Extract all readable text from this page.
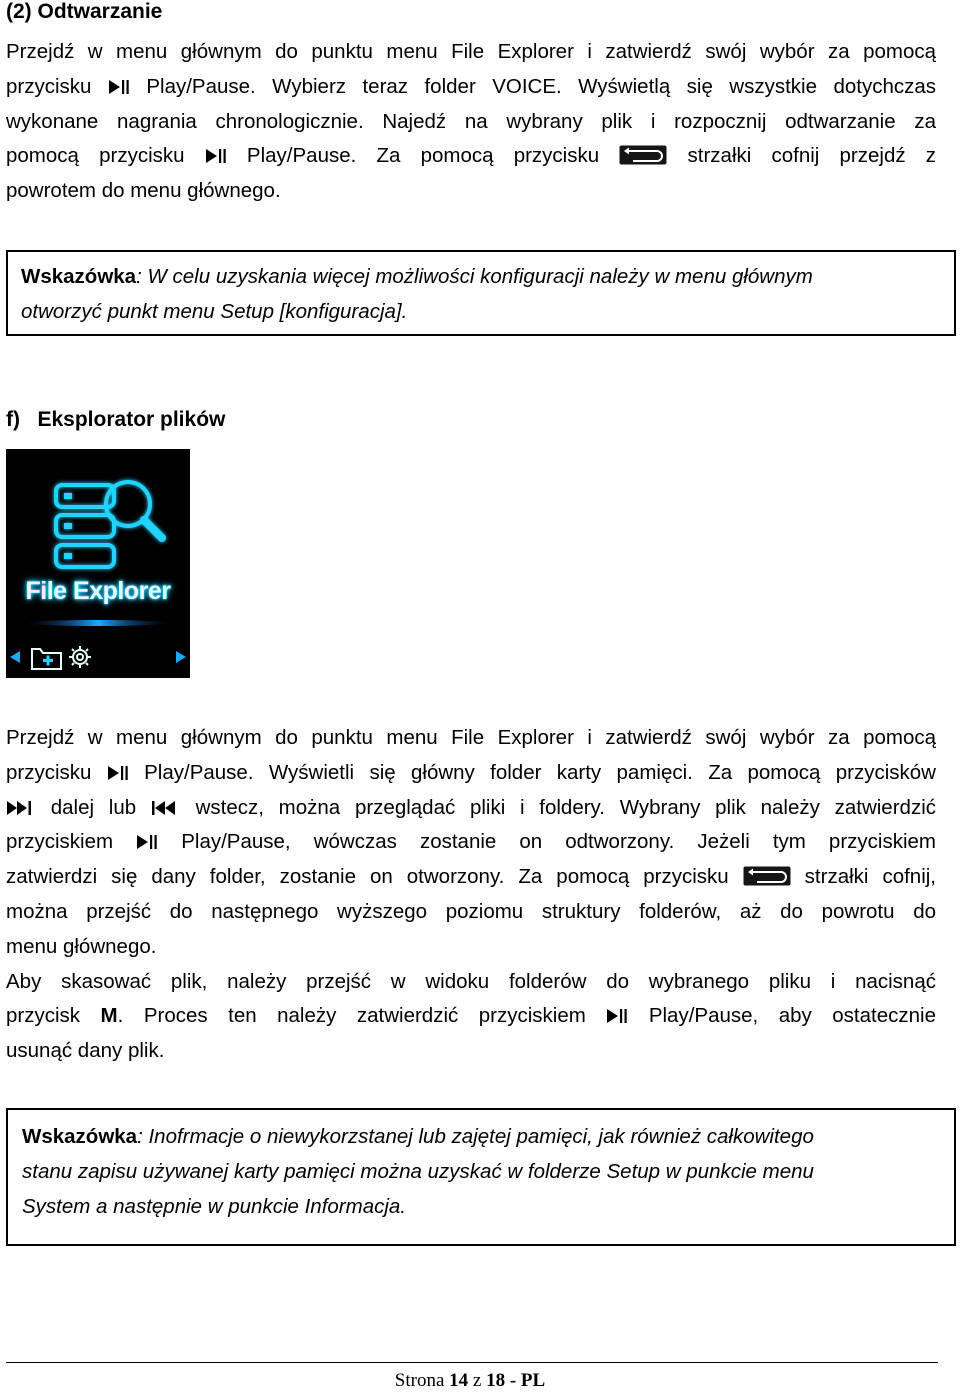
(2) Odtwarzanie
Przejdź w menu głównym do punktu menu File Explorer i zatwierdź swój wybór za pomocą
przycisku	Play/Pause. Wybierz teraz folder VOICE. Wyświetlą się wszystkie dotychczas
wykonane nagrania chronologicznie. Najedź na wybrany plik i rozpocznij odtwarzanie za
pomocą przycisku	Play/Pause. Za pomocą przycisku	strzałki cofnij przejdź z
powrotem do menu głównego.
Wskazówka: W celu uzyskania więcej możliwości konfiguracji należy w menu głównym
otworzyć punkt menu Setup [konfiguracja].
f)   Eksplorator plików
File Explorer
Przejdź w menu głównym do punktu menu File Explorer i zatwierdź swój wybór za pomocą
przycisku	Play/Pause. Wyświetli się główny folder karty pamięci. Za pomocą przycisków
dalej lub	wstecz, można przeglądać pliki i foldery. Wybrany plik należy zatwierdzić
przyciskiem	Play/Pause, wówczas zostanie on odtworzony. Jeżeli tym przyciskiem
zatwierdzi się dany folder, zostanie on otworzony. Za pomocą przycisku	strzałki cofnij,
można przejść do następnego wyższego poziomu struktury folderów, aż do powrotu do
menu głównego.
Aby skasować plik, należy przejść w widoku folderów do wybranego pliku i nacisnąć
przycisk M. Proces ten należy zatwierdzić przyciskiem	Play/Pause, aby ostatecznie
usunąć dany plik.
Wskazówka: Inofrmacje o niewykorzstanej lub zajętej pamięci, jak również całkowitego
stanu zapisu używanej karty pamięci można uzyskać w folderze Setup w punkcie menu
System a następnie w punkcie Informacja.
Strona 14 z 18 - PL
